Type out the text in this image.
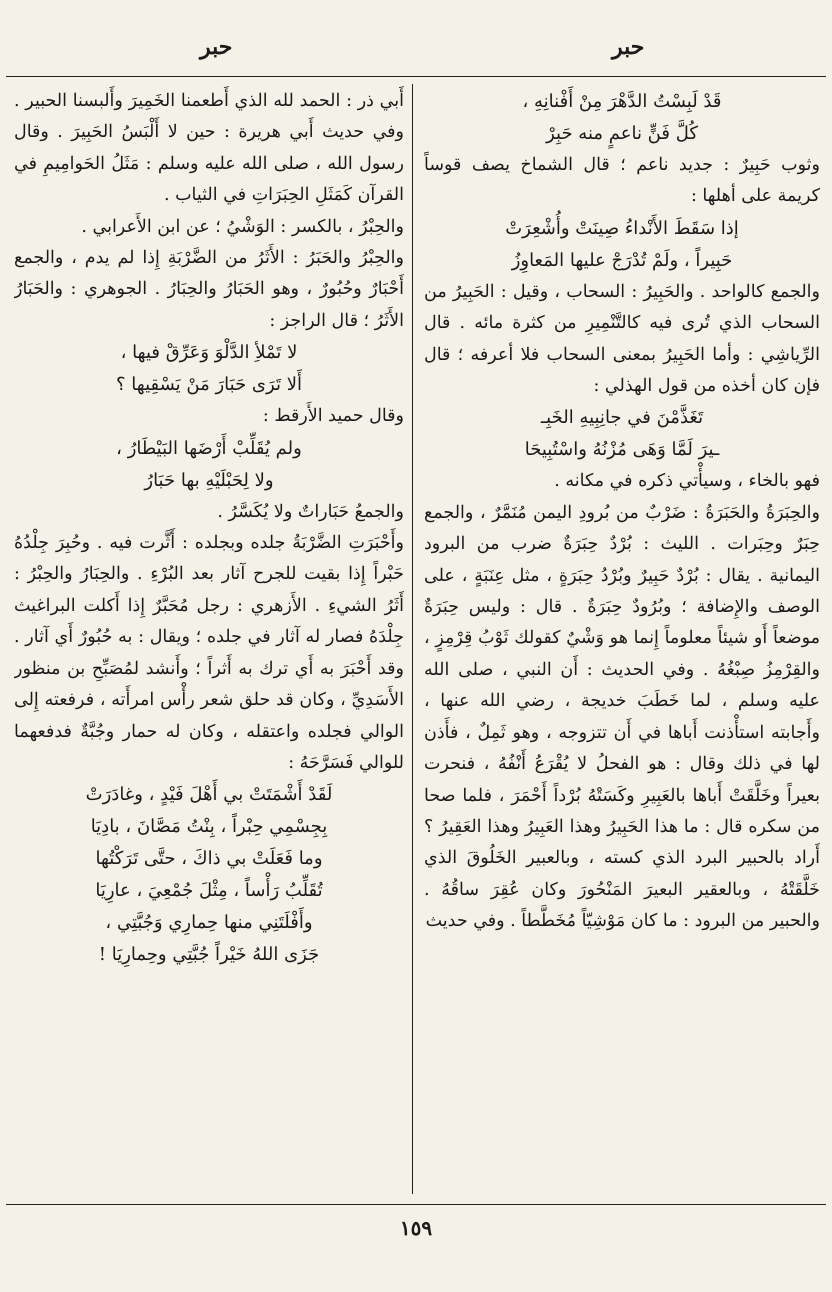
حبر
حبر

قَدْ لَبِسْتُ الدَّهْرَ مِنْ أَفْنانِهِ ،

كُلَّ فَنٍّ ناعمٍ منه حَبِرْ

وثوب حَبِيرٌ : جديد ناعم ؛ قال الشماخ يصف قوساً كريمة على أهلها :

إذا سَقَطَ الأَنْداءُ صِينَتْ وأُشْعِرَتْ

حَبِيراً ، ولَمْ تُدْرَجْ عليها المَعاوِزُ

والجمع كالواحد . والحَبِيرُ : السحاب ، وقيل : الحَبِيرُ من السحاب الذي تُرى فيه كالتَّنْمِيرِ من كثرة مائه . قال الرِّياشِي : وأما الحَبِيرُ بمعنى السحاب فلا أعرفه ؛ قال فإن كان أخذه من قول الهذلي :

تَغَذَّمْنَ في جانِبِيهِ الخَبِـ

ـيرَ لَمَّا وَهَى مُزْنُهُ واسْتُبِيحَا

فهو بالخاء ، وسيأْتي ذكره في مكانه .

والحِبَرَةُ والحَبَرَةُ : ضَرْبٌ من بُرودِ اليمن مُنَمَّرٌ ، والجمع حِبَرٌ وحِبَرات . الليث : بُرْدٌ حِبَرَةٌ ضرب من البرود اليمانية . يقال : بُرْدٌ حَبِيرٌ وبُرْدُ حِبَرَةٍ ، مثل عِنَبَةٍ ، على الوصف والإِضافة ؛ وبُرُودٌ حِبَرَةٌ . قال : وليس حِبَرَةٌ موضعاً أَو شيئاً معلوماً إِنما هو وَشْيٌ كقولك ثَوْبُ قِرْمِزٍ ، والقِرْمِزُ صِبْغُهُ . وفي الحديث : أَن النبي ، صلى الله عليه وسلم ، لما خَطَبَ خديجة ، رضي الله عنها ، وأَجابته استأْذنت أَباها في أَن تتزوجه ، وهو ثَمِلٌ ، فأَذن لها في ذلك وقال : هو الفحلُ لا يُقْرَعُ أَنْفُهُ ، فنحرت بعيراً وخَلَّقَتْ أَباها بالعَبِيرِ وكَسَتْهُ بُرْداً أَحْمَرَ ، فلما صحا من سكره قال : ما هذا الحَبِيرُ وهذا العَبِيرُ وهذا العَقِيرُ ؟ أَراد بالحبير البرد الذي كسته ، وبالعبير الخَلُوقَ الذي خَلَّقَتْهُ ، وبالعقير البعيرَ المَنْحُورَ وكان عُقِرَ ساقُهُ . والحبير من البرود : ما كان مَوْشِيّاً مُخَطَّطاً . وفي حديث

أَبي ذر : الحمد لله الذي أَطعمنا الخَمِيرَ وأَلبسنا الحبير . وفي حديث أَبي هريرة : حين لا أَلْبَسُ الحَبِيرَ . وقال رسول الله ، صلى الله عليه وسلم : مَثَلُ الحَوامِيمِ في القرآن كَمَثَلِ الحِبَرَاتِ في الثياب .

والحِبْرُ ، بالكسر : الوَشْيُ ؛ عن ابن الأَعرابي .

والحِبْرُ والحَبَرُ : الأَثَرُ من الضَّرْبَةِ إِذا لم يدم ، والجمع أَحْبَارٌ وحُبُورٌ ، وهو الحَبَارُ والحِبَارُ . الجوهري : والحَبَارُ الأَثَرُ ؛ قال الراجز :

لا تَمْلأِ الدَّلْوَ وَعَرِّقْ فيها ،

أَلا تَرَى حَبَارَ مَنْ يَسْقِيها ؟

وقال حميد الأَرقط :

ولم يُقَلِّبْ أَرْضَها البَيْطَارُ ،

ولا لِحَبْلَيْهِ بها حَبَارُ

والجمعُ حَبَاراتٌ ولا يُكَسَّرُ .

وأَحْبَرَتِ الضَّرْبَةُ جلده وبجلده : أَثَّرت فيه . وحُبِرَ جِلْدُهُ حَبْراً إِذا بقيت للجرح آثار بعد البُرْءِ . والحِبَارُ والحِبْرُ : أَثَرُ الشيءِ . الأَزهري : رجل مُحَبَّرٌ إِذا أَكلت البراغيث جِلْدَهُ فصار له آثار في جلده ؛ ويقال : به حُبُورٌ أَي آثار . وقد أَحْبَرَ به أَي ترك به أَثراً ؛ وأَنشد لمُصَبِّحِ بن منظور الأَسَدِيِّ ، وكان قد حلق شعر رأْس امرأَته ، فرفعته إِلى الوالي فجلده واعتقله ، وكان له حمار وجُبَّةٌ فدفعهما للوالي فَسَرَّحَهُ :

لَقَدْ أَشْمَتَتْ بي أَهْلَ فَيْدٍ ، وغادَرَتْ

بِجِسْمِي حِبْراً ، بِنْتُ مَصَّانَ ، بادِيَا

وما فَعَلَتْ بي ذاكَ ، حتَّى تَرَكْتُها

تُقَلِّبُ رَأْساً ، مِثْلَ جُمْعِيَ ، عارِيَا

وأَفْلَتَنِي منها حِمارِي وَجُبَّتِي ،

جَزَى اللهُ خَيْراً جُبَّتِي وحِمارِيَا !

١٥٩
